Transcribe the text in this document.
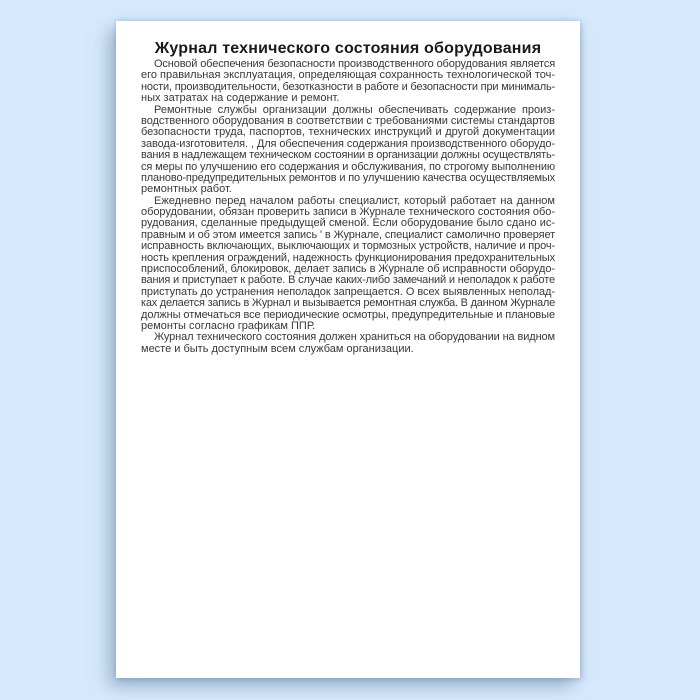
Журнал технического состояния оборудования
Основой обеспечения безопасности производственного оборудования является
его правильная эксплуатация, определяющая сохранность технологической точ-
ности, производительности, безотказности в работе и безопасности при минималь-
ных затратах на содержание и ремонт.
Ремонтные службы организации должны обеспечивать содержание произ-
водственного оборудования в соответствии с требованиями системы стандартов
безопасности труда, паспортов, технических инструкций и другой документации
завода-изготовителя. , Для обеспечения содержания производственного оборудо-
вания в надлежащем техническом состоянии в организации должны осуществлять-
ся меры по улучшению его содержания и обслуживания, по строгому выполнению
планово-предупредительных ремонтов и по улучшению качества осуществляемых
ремонтных работ.
Ежедневно перед началом работы специалист, который работает на данном
оборудовании, обязан проверить записи в Журнале технического состояния обо-
рудования, сделанные предыдущей сменой. Если оборудование было сдано ис-
правным и об этом имеется запись ' в Журнале, специалист самолично проверяет
исправность включающих, выключающих и тормозных устройств, наличие и проч-
ность крепления ограждений, надежность функционирования предохранительных
приспособлений, блокировок, делает запись в Журнале об исправности оборудо-
вания и приступает к работе. В случае каких-либо замечаний и неполадок к работе
приступать до устранения неполадок запрещается. О всех выявленных неполад-
ках делается запись в Журнал и вызывается ремонтная служба. В данном Журнале
должны отмечаться все периодические осмотры, предупредительные и плановые
ремонты согласно графикам ППР.
Журнал технического состояния должен храниться на оборудовании на видном
месте и быть доступным всем службам организации.
